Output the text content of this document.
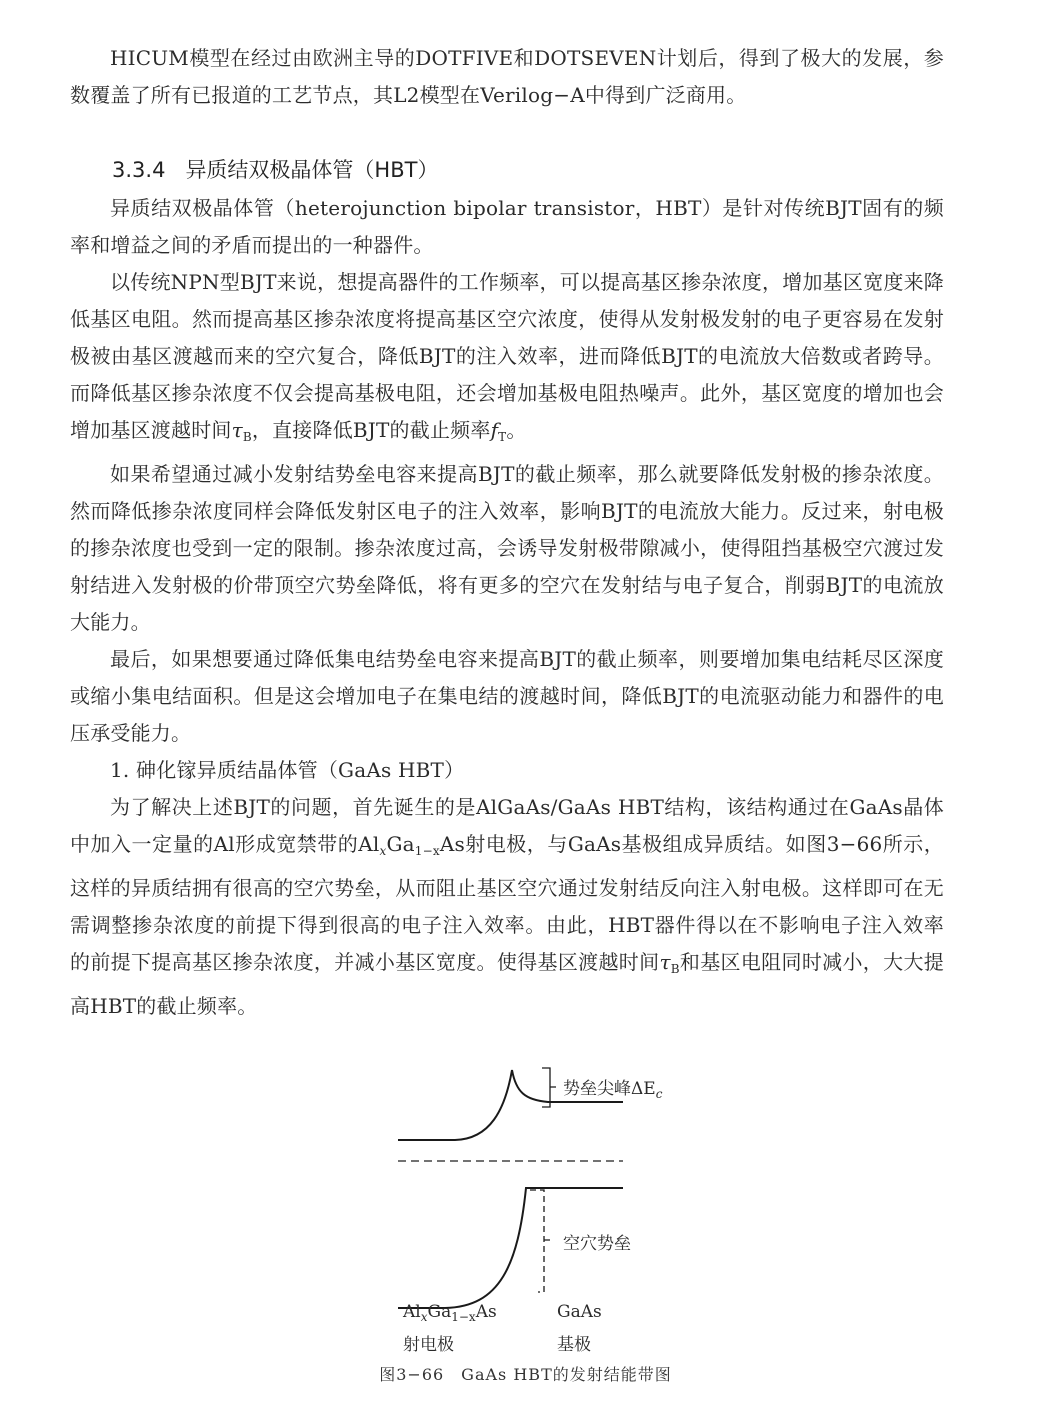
HICUM模型在经过由欧洲主导的DOTFIVE和DOTSEVEN计划后，得到了极大的发展，参数覆盖了所有已报道的工艺节点，其L2模型在Verilog−A中得到广泛商用。

3.3.4 异质结双极晶体管（HBT）

异质结双极晶体管（heterojunction bipolar transistor，HBT）是针对传统BJT固有的频率和增益之间的矛盾而提出的一种器件。

以传统NPN型BJT来说，想提高器件的工作频率，可以提高基区掺杂浓度，增加基区宽度来降低基区电阻。然而提高基区掺杂浓度将提高基区空穴浓度，使得从发射极发射的电子更容易在发射极被由基区渡越而来的空穴复合，降低BJT的注入效率，进而降低BJT的电流放大倍数或者跨导。而降低基区掺杂浓度不仅会提高基极电阻，还会增加基极电阻热噪声。此外，基区宽度的增加也会增加基区渡越时间$\tau_B$，直接降低BJT的截止频率$f_T$。

如果希望通过减小发射结势垒电容来提高BJT的截止频率，那么就要降低发射极的掺杂浓度。然而降低掺杂浓度同样会降低发射区电子的注入效率，影响BJT的电流放大能力。反过来，射电极的掺杂浓度也受到一定的限制。掺杂浓度过高，会诱导发射极带隙减小，使得阻挡基极空穴渡过发射结进入发射极的价带顶空穴势垒降低，将有更多的空穴在发射结与电子复合，削弱BJT的电流放大能力。

最后，如果想要通过降低集电结势垒电容来提高BJT的截止频率，则要增加集电结耗尽区深度或缩小集电结面积。但是这会增加电子在集电结的渡越时间，降低BJT的电流驱动能力和器件的电压承受能力。

1. 砷化镓异质结晶体管（GaAs HBT）

为了解决上述BJT的问题，首先诞生的是AlGaAs/GaAs HBT结构，该结构通过在GaAs晶体中加入一定量的Al形成宽禁带的$Al_xGa_{1-x}As$射电极，与GaAs基极组成异质结。如图3−66所示，这样的异质结拥有很高的空穴势垒，从而阻止基区空穴通过发射结反向注入射电极。这样即可在无需调整掺杂浓度的前提下得到很高的电子注入效率。由此，HBT器件得以在不影响电子注入效率的前提下提高基区掺杂浓度，并减小基区宽度。使得基区渡越时间$\tau_B$和基区电阻同时减小，大大提高HBT的截止频率。

势垒尖峰$\Delta E_c$
空穴势垒
$Al_xGa_{1-x}As$
射电极
GaAs
基极
图3−66　GaAs HBT的发射结能带图
